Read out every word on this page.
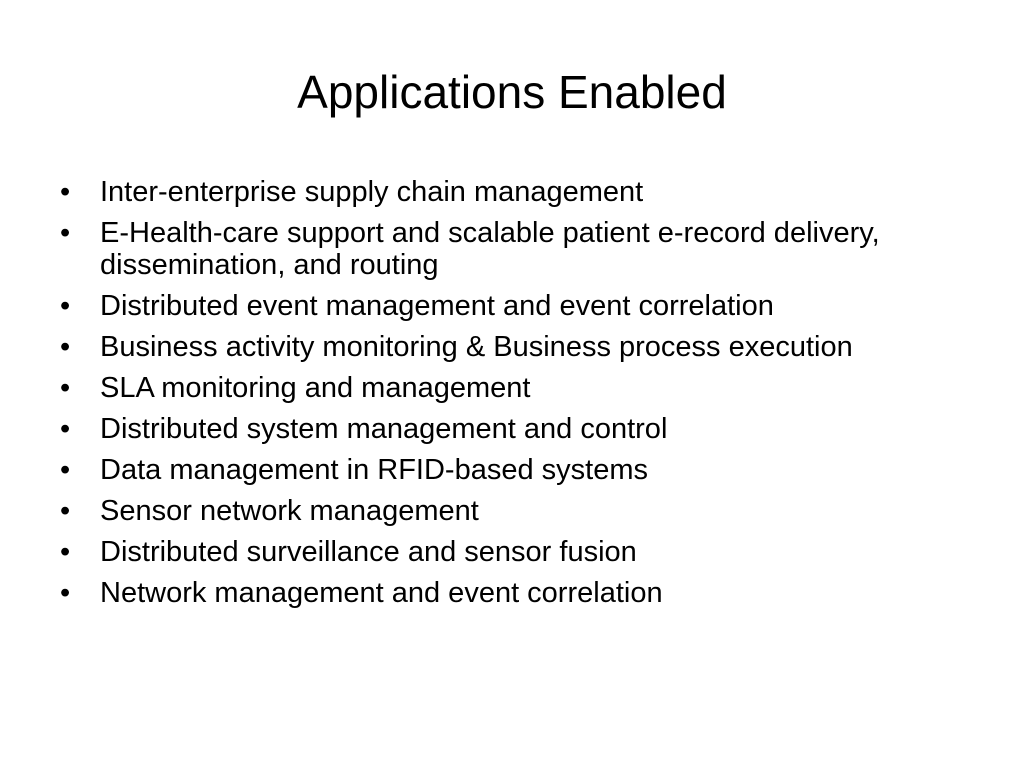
Applications Enabled
•	Inter-enterprise supply chain management
•	E-Health-care support and scalable patient e-record delivery, dissemination, and routing
•	Distributed event management and event correlation
•	Business activity monitoring & Business process execution
•	SLA monitoring and management
•	Distributed system management and control
•	Data management in RFID-based systems
•	Sensor network management
•	Distributed surveillance and sensor fusion
•	Network management and event correlation
